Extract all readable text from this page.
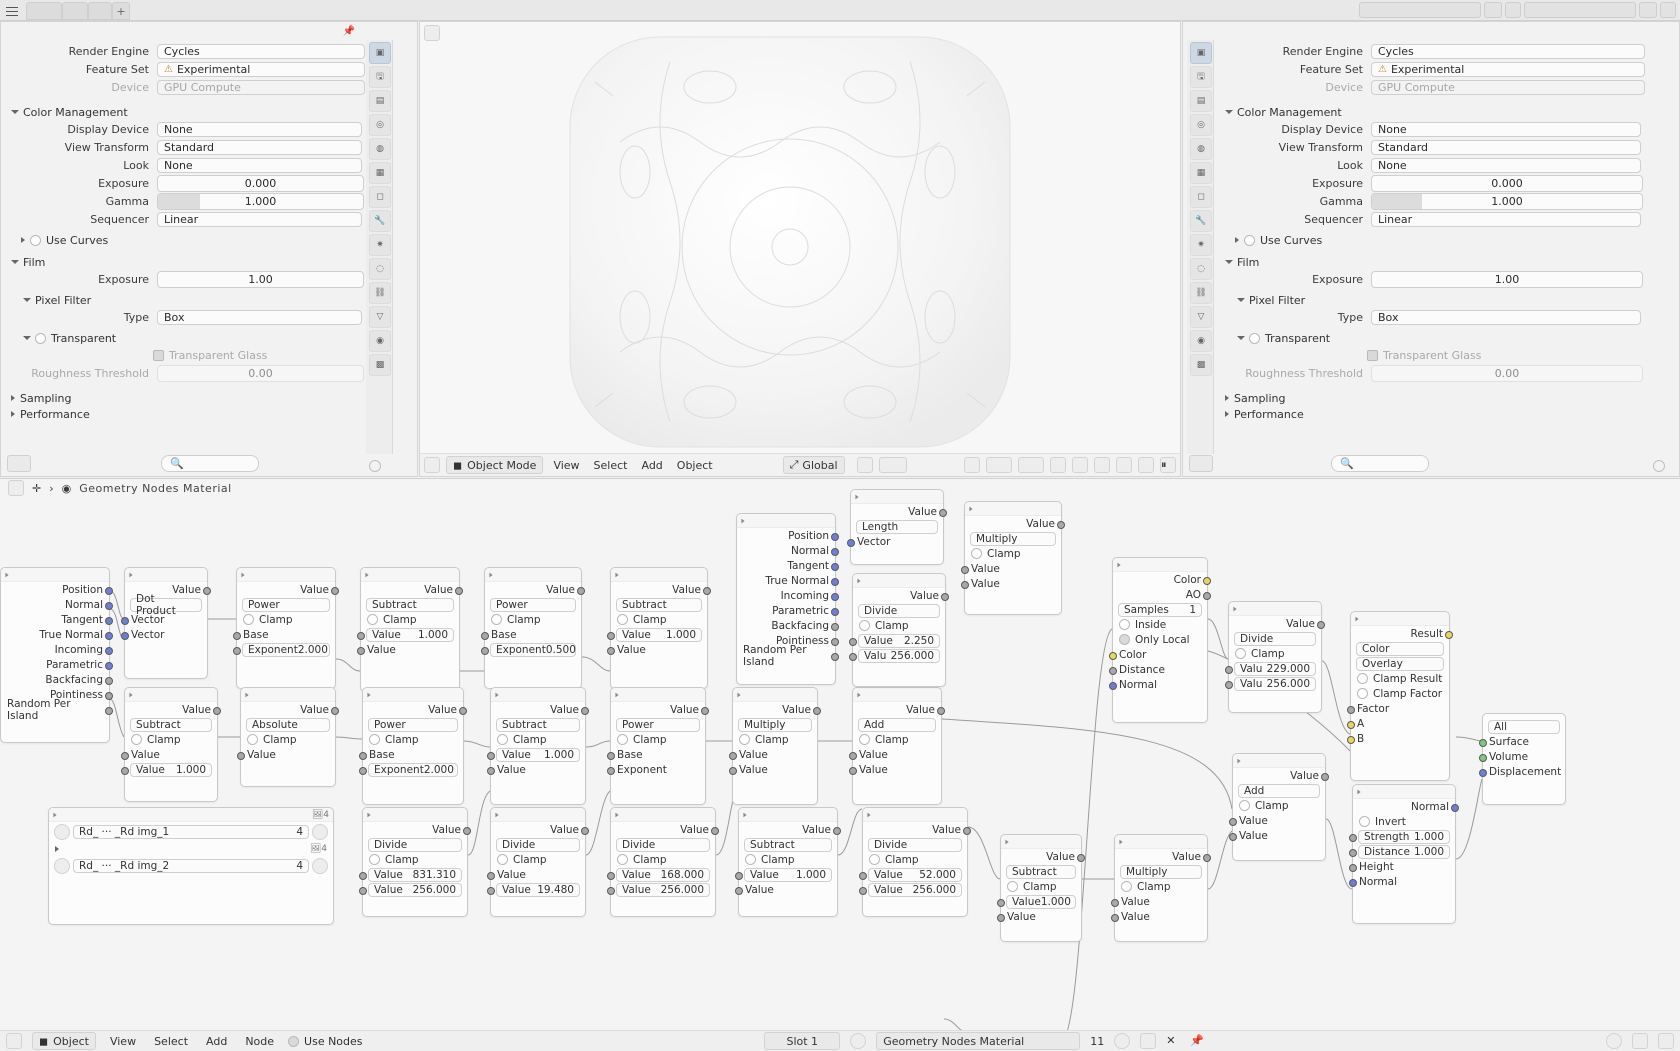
+
📌
▣
🖫
▤
◎
◍
▦
◻
🔧
✷
◌
⛓
▽
◉
▩
Render Engine	Cycles
Feature Set	⚠ Experimental
Device	GPU Compute
Color Management
Display Device	None
View Transform	Standard
Look	None
Exposure	0.000
Gamma	1.000
Sequencer	Linear
Use Curves
Film
Exposure	1.00
Pixel Filter
Type	Box
Transparent
Transparent Glass
Roughness Threshold	0.00
Sampling
Performance
🔍	◼ Object Mode	View	Select	Add	Object	⤢ Global	⏸
▣
🖫
▤
◎
◍
▦
◻
🔧
✷
◌
⛓
▽
◉
▩
Render Engine	Cycles
Feature Set	⚠ Experimental
Device	GPU Compute
Color Management
Display Device	None
View Transform	Standard
Look	None
Exposure	0.000
Gamma	1.000
Sequencer	Linear
Use Curves
Film
Exposure	1.00
Pixel Filter
Type	Box
Transparent
Transparent Glass
Roughness Threshold	0.00
Sampling
Performance
🔍
✛ › ◉ Geometry Nodes Material
Position
Normal
Tangent
True Normal
Incoming
Parametric
Backfacing
Pointiness
Random Per Island
Value
Dot Product
Vector
Vector
Value
Power
Clamp
Base
Exponent 2.000
Value
Subtract
Clamp
Value 1.000
Value
Value
Power
Clamp
Base
Exponent 0.500
Value
Subtract
Clamp
Value 1.000
Value
Value
Subtract
Clamp
Value
Value 1.000
Value
Absolute
Clamp
Value
Value
Power
Clamp
Base
Exponent 2.000
Value
Subtract
Clamp
Value 1.000
Value
Value
Power
Clamp
Base
Exponent
Value
Multiply
Clamp
Value
Value
Value
Add
Clamp
Value
Value
Value
Divide
Clamp
Value 831.310
Value 256.000
Value
Divide
Clamp
Value
Value 19.480
Value
Divide
Clamp
Value 168.000
Value 256.000
Value
Subtract
Clamp
Value 1.000
Value
Value
Divide
Clamp
Value 52.000
Value 256.000
Value
Subtract
Clamp
Value 1.000
Value
Value
Multiply
Clamp
Value
Value
Position
Normal
Tangent
True Normal
Incoming
Parametric
Backfacing
Pointiness
Random Per Island
Value
Length
Vector
Value
Multiply
Clamp
Value
Value
Value
Divide
Clamp
Value 2.250
Valu 256.000
Color
AO
Samples 1
Inside
Only Local
Color
Distance
Normal
Value
Divide
Clamp
Valu 229.000
Valu 256.000
Result
Color
Overlay
Clamp Result
Clamp Factor
Factor
A
B
Value
Add
Clamp
Value
Value
Normal
Invert
Strength 1.000
Distance 1.000
Height
Normal
All
Surface
Volume
Displacement
🖼4
Rd_ ··· _Rd img_1	4
🖼4
Rd_ ··· _Rd img_2	4
◼ Object	View	Select	Add	Node	Use Nodes	Slot 1	Geometry Nodes Material	11	✕	📌
